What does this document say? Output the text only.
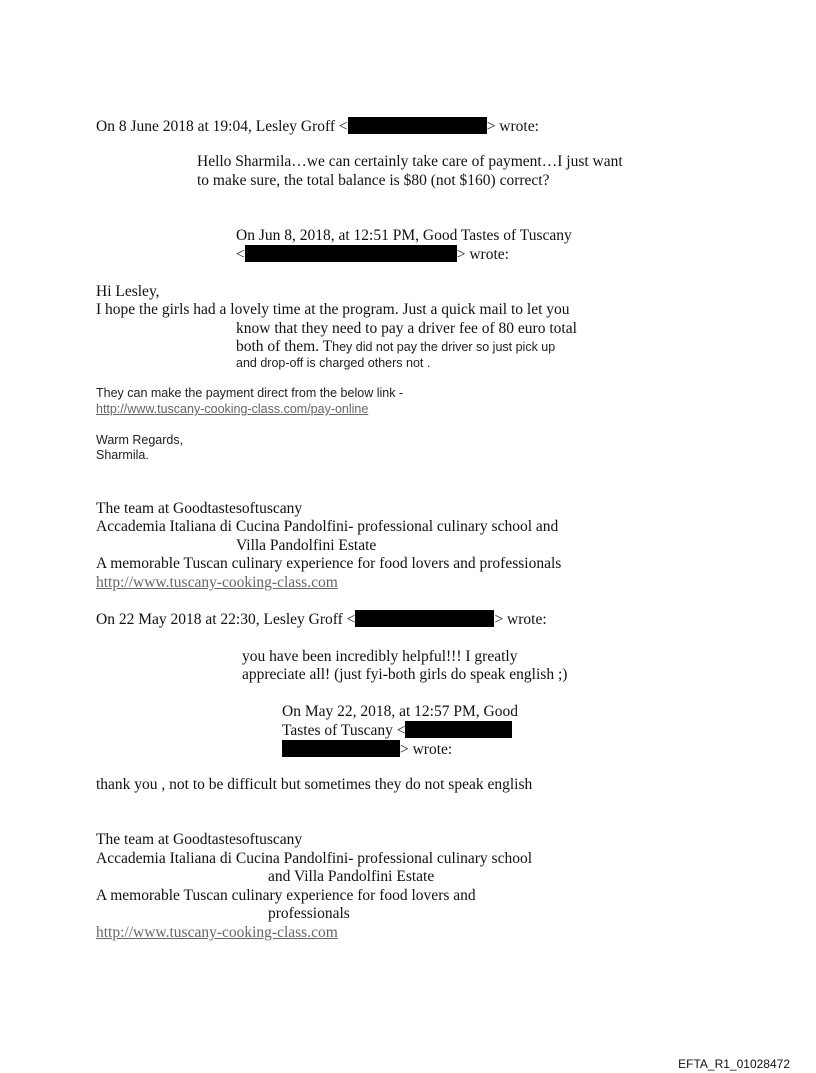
On 8 June 2018 at 19:04, Lesley Groff <	> wrote:
Hello Sharmila…we can certainly take care of payment…I just want
to make sure, the total balance is $80 (not $160) correct?
On Jun 8, 2018, at 12:51 PM, Good Tastes of Tuscany
<	> wrote:
Hi Lesley,
I hope the girls had a lovely time at the program. Just a quick mail to let you
know that they need to pay a driver fee of 80 euro total
both of them. They did not pay the driver so just pick up
and drop-off is charged others not .
They can make the payment direct from the below link -
http://www.tuscany-cooking-class.com/pay-online
Warm Regards,
Sharmila.
The team at Goodtastesoftuscany
Accademia Italiana di Cucina Pandolfini- professional culinary school and
Villa Pandolfini Estate
A memorable Tuscan culinary experience for food lovers and professionals
http://www.tuscany-cooking-class.com
On 22 May 2018 at 22:30, Lesley Groff <	> wrote:
you have been incredibly helpful!!! I greatly
appreciate all! (just fyi-both girls do speak english ;)
On May 22, 2018, at 12:57 PM, Good
Tastes of Tuscany <
> wrote:
thank you , not to be difficult but sometimes they do not speak english
The team at Goodtastesoftuscany
Accademia Italiana di Cucina Pandolfini- professional culinary school
and Villa Pandolfini Estate
A memorable Tuscan culinary experience for food lovers and
professionals
http://www.tuscany-cooking-class.com
EFTA_R1_01028472
